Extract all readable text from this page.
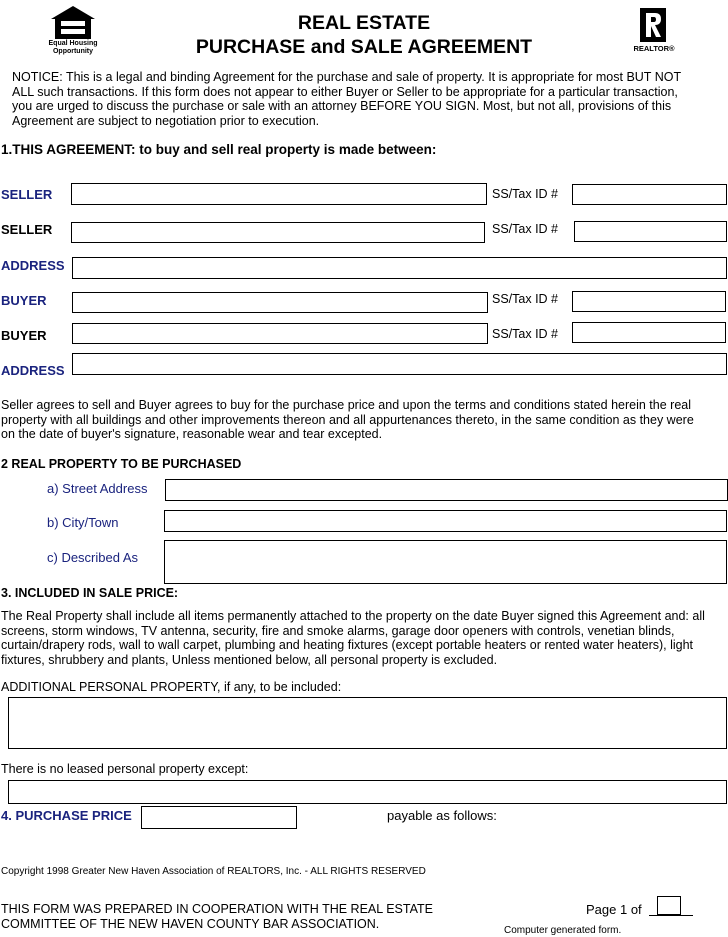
Equal Housing
Opportunity
REAL ESTATE
PURCHASE and SALE AGREEMENT	REALTOR®
NOTICE: This is a legal and binding Agreement for the purchase and sale of property. It is appropriate for most BUT NOT ALL such transactions. If this form does not appear to either Buyer or Seller to be appropriate for a particular transaction, you are urged to discuss the purchase or sale with an attorney BEFORE YOU SIGN. Most, but not all, provisions of this Agreement are subject to negotiation prior to execution.
1.THIS AGREEMENT: to buy and sell real property is made between:
SELLER	SS/Tax ID #
SELLER	SS/Tax ID #
ADDRESS
BUYER	SS/Tax ID #
BUYER	SS/Tax ID #
ADDRESS
Seller agrees to sell and Buyer agrees to buy for the purchase price and upon the terms and conditions stated herein the real property with all buildings and other improvements thereon and all appurtenances thereto, in the same condition as they were on the date of buyer's signature, reasonable wear and tear excepted.
2 REAL PROPERTY TO BE PURCHASED
a) Street Address
b) City/Town
c) Described As
3. INCLUDED IN SALE PRICE:
The Real Property shall include all items permanently attached to the property on the date Buyer signed this Agreement and: all screens, storm windows, TV antenna, security, fire and smoke alarms, garage door openers with controls, venetian blinds, curtain/drapery rods, wall to wall carpet, plumbing and heating fixtures (except portable heaters or rented water heaters), light fixtures, shrubbery and plants, Unless mentioned below, all personal property is excluded.
ADDITIONAL PERSONAL PROPERTY, if any, to be included:
There is no leased personal property except:
4. PURCHASE PRICE	payable as follows:
Copyright 1998 Greater New Haven Association of REALTORS, Inc. - ALL RIGHTS RESERVED
THIS FORM WAS PREPARED IN COOPERATION WITH THE REAL ESTATE
COMMITTEE OF THE NEW HAVEN COUNTY BAR ASSOCIATION.
Page 1 of
Computer generated form.
